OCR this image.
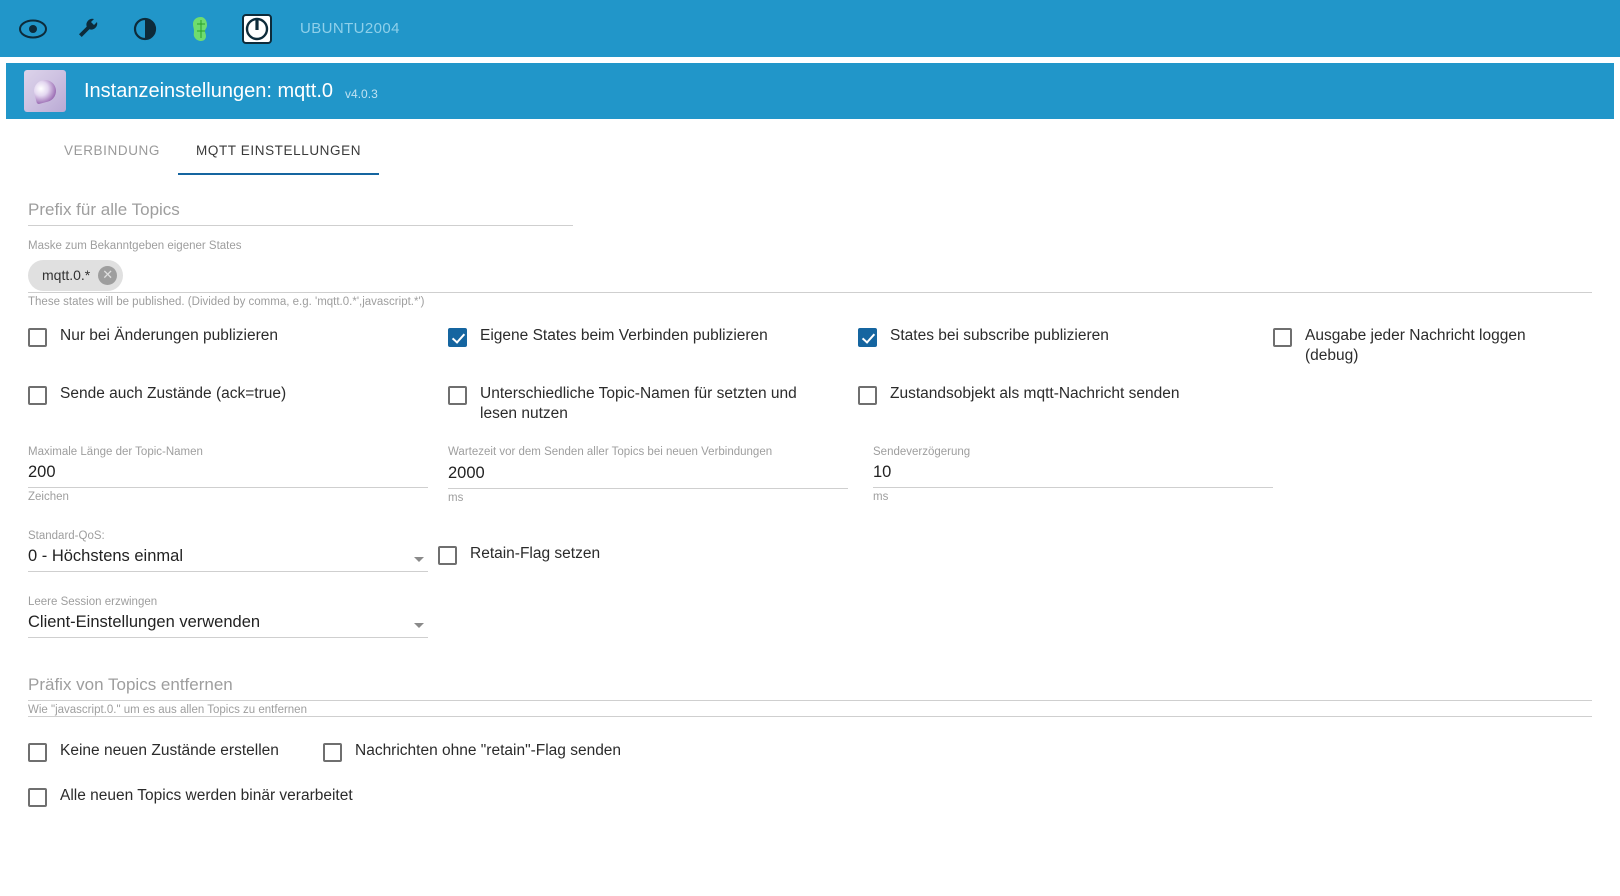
UBUNTU2004
Instanzeinstellungen: mqtt.0 v4.0.3
VERBINDUNG	MQTT EINSTELLUNGEN
Prefix für alle Topics
Maske zum Bekanntgeben eigener States
mqtt.0.* ✕
These states will be published. (Divided by comma, e.g. 'mqtt.0.*',javascript.*')
Nur bei Änderungen publizieren	Eigene States beim Verbinden publizieren	States bei subscribe publizieren	Ausgabe jeder Nachricht loggen (debug)
Sende auch Zustände (ack=true)	Unterschiedliche Topic-Namen für setzten und lesen nutzen
Zustandsobjekt als mqtt-Nachricht senden
Maximale Länge der Topic-Namen
200
Zeichen
Wartezeit vor dem Senden aller Topics bei neuen Verbindungen
2000
ms
Sendeverzögerung
10
ms
Standard-QoS:
0 - Höchstens einmal
Leere Session erzwingen
Client-Einstellungen verwenden
Retain-Flag setzen
Präfix von Topics entfernen
Wie "javascript.0." um es aus allen Topics zu entfernen
Keine neuen Zustände erstellen	Nachrichten ohne "retain"-Flag senden
Alle neuen Topics werden binär verarbeitet
